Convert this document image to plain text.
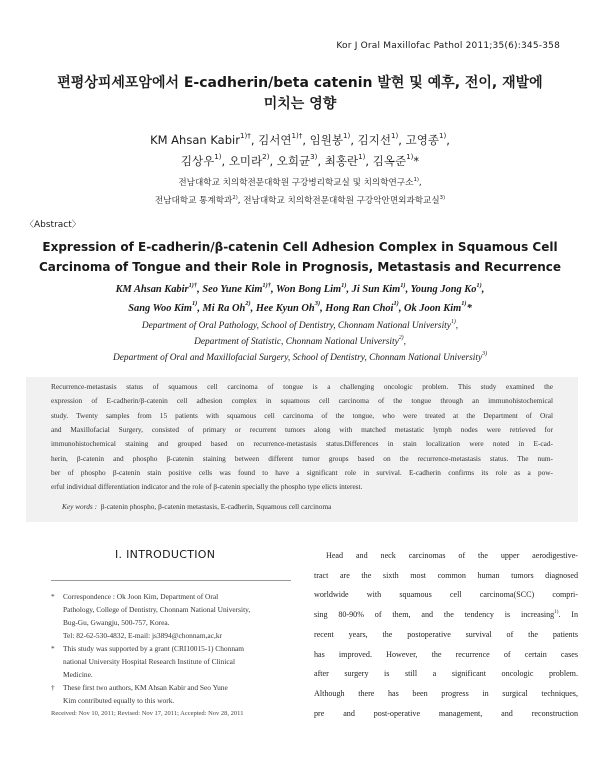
Kor J Oral Maxillofac Pathol 2011;35(6):345-358
편평상피세포암에서 E-cadherin/beta catenin 발현 및 예후, 전이, 재발에
미치는 영향
KM Ahsan Kabir$^{1)\dagger}$, 김서연$^{1)\dagger}$, 임원봉$^{1)}$, 김지선$^{1)}$, 고영종$^{1)}$,
김상우$^{1)}$, 오미라$^{2)}$, 오희균$^{3)}$, 최홍란$^{1)}$, 김옥준$^{1)}$*
전남대학교 치의학전문대학원 구강병리학교실 및 치의학연구소$^{1)}$,
전남대학교 통계학과$^{2)}$, 전남대학교 치의학전문대학원 구강악안면외과학교실$^{3)}$
〈Abstract〉
Expression of E-cadherin/β-catenin Cell Adhesion Complex in Squamous Cell
Carcinoma of Tongue and their Role in Prognosis, Metastasis and Recurrence
KM Ahsan Kabir$^{1)\dagger}$, Seo Yune Kim$^{1)\dagger}$, Won Bong Lim$^{1)}$, Ji Sun Kim$^{1)}$, Young Jong Ko$^{1)}$,
Sang Woo Kim$^{1)}$, Mi Ra Oh$^{2)}$, Hee Kyun Oh$^{3)}$, Hong Ran Choi$^{1)}$, Ok Joon Kim$^{1)}$*
Department of Oral Pathology, School of Dentistry, Chonnam National University$^{1)}$,
Department of Statistic, Chonnam National University$^{2)}$,
Department of Oral and Maxillofacial Surgery, School of Dentistry, Chonnam National University$^{3)}$
Recurrence-metastasis status of squamous cell carcinoma of tongue is a challenging oncologic problem. This study examined the
expression of E-cadherin/β-catenin cell adhesion complex in squamous cell carcinoma of the tongue through an immunohistochemical
study. Twenty samples from 15 patients with squamous cell carcinoma of the tongue, who were treated at the Department of Oral
and Maxillofacial Surgery, consisted of primary or recurrent tumors along with matched metastatic lymph nodes were retrieved for
immunohistochemical staining and grouped based on recurrence-metastasis status.Differences in stain localization were noted in E-cad-
herin, β-catenin and phospho β-catenin staining between different tumor groups based on the recurrence-metastasis status. The num-
ber of phospho β-catenin stain positive cells was found to have a significant role in survival. E-cadherin confirms its role as a pow-
erful individual differentiation indicator and the role of β-catenin specially the phospho type elicts interest.
Key words : β-catenin phospho, β-catenin metastasis, E-cadherin, Squamous cell carcinoma
Ⅰ. INTRODUCTION
* Correspondence : Ok Joon Kim, Department of Oral
Pathology, College of Dentistry, Chonnam National University,
Bug-Gu, Gwangju, 500-757, Korea.
Tel: 82-62-530-4832, E-mail: js3894@chonnam,ac,kr
* This study was supported by a grant (CRI10015-1) Chonnam
national University Hospital Research Institute of Clinical
Medicine.
† These first two authors, KM Ahsan Kabir and Seo Yune
Kim contributed equally to this work.
Received: Nov 10, 2011; Revised: Nov 17, 2011; Accepted: Nov 28, 2011
Head and neck carcinomas of the upper aerodigestive-
tract are the sixth most common human tumors diagnosed
worldwide with squamous cell carcinoma(SCC) compri-
sing 80-90% of them, and the tendency is increasing$^{1)}$. In
recent years, the postoperative survival of the patients
has improved. However, the recurrence of certain cases
after surgery is still a significant oncologic problem.
Although there has been progress in surgical techniques,
pre and post-operative management, and reconstruction
